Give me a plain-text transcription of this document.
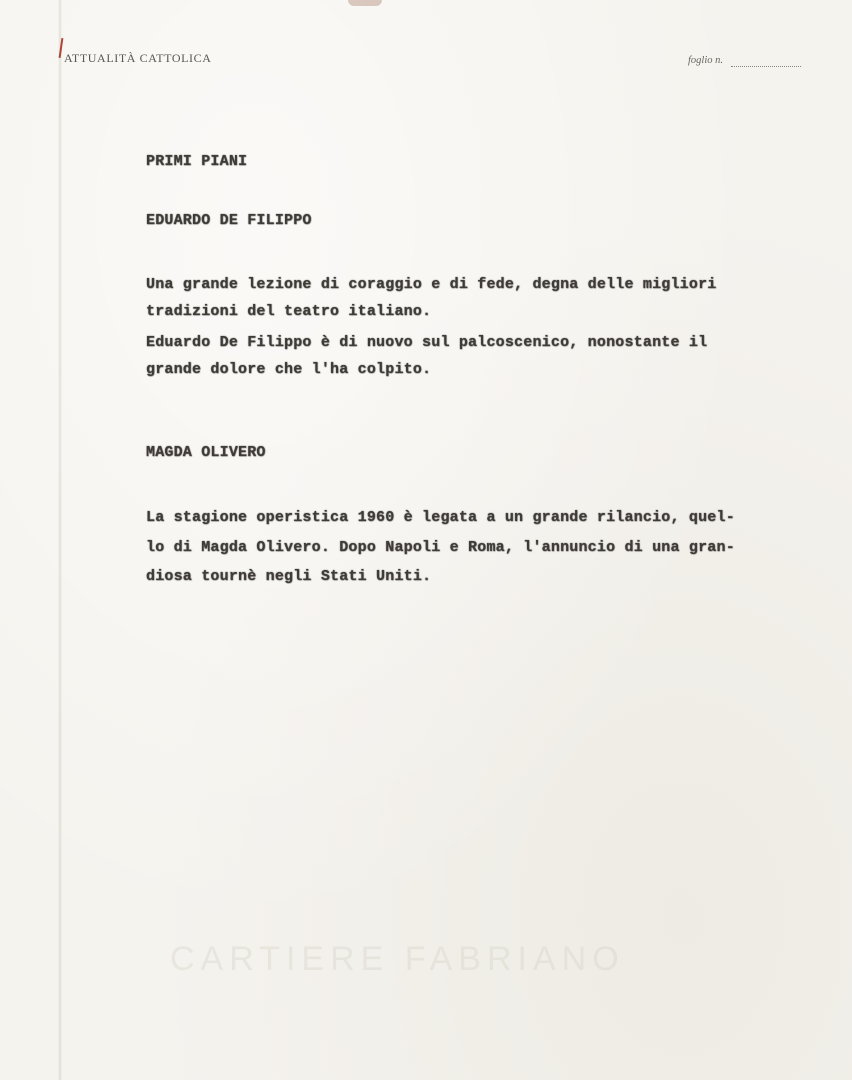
ATTUALITÀ CATTOLICA	foglio n.
PRIMI PIANI
EDUARDO DE FILIPPO
Una grande lezione di coraggio e di fede, degna delle migliori
tradizioni del teatro italiano.
Eduardo De Filippo è di nuovo sul palcoscenico, nonostante il
grande dolore che l'ha colpito.
MAGDA OLIVERO
La stagione operistica 1960 è legata a un grande rilancio, quel-
lo di Magda Olivero. Dopo Napoli e Roma, l'annuncio di una gran-
diosa tournè negli Stati Uniti.
CARTIERE FABRIANO
